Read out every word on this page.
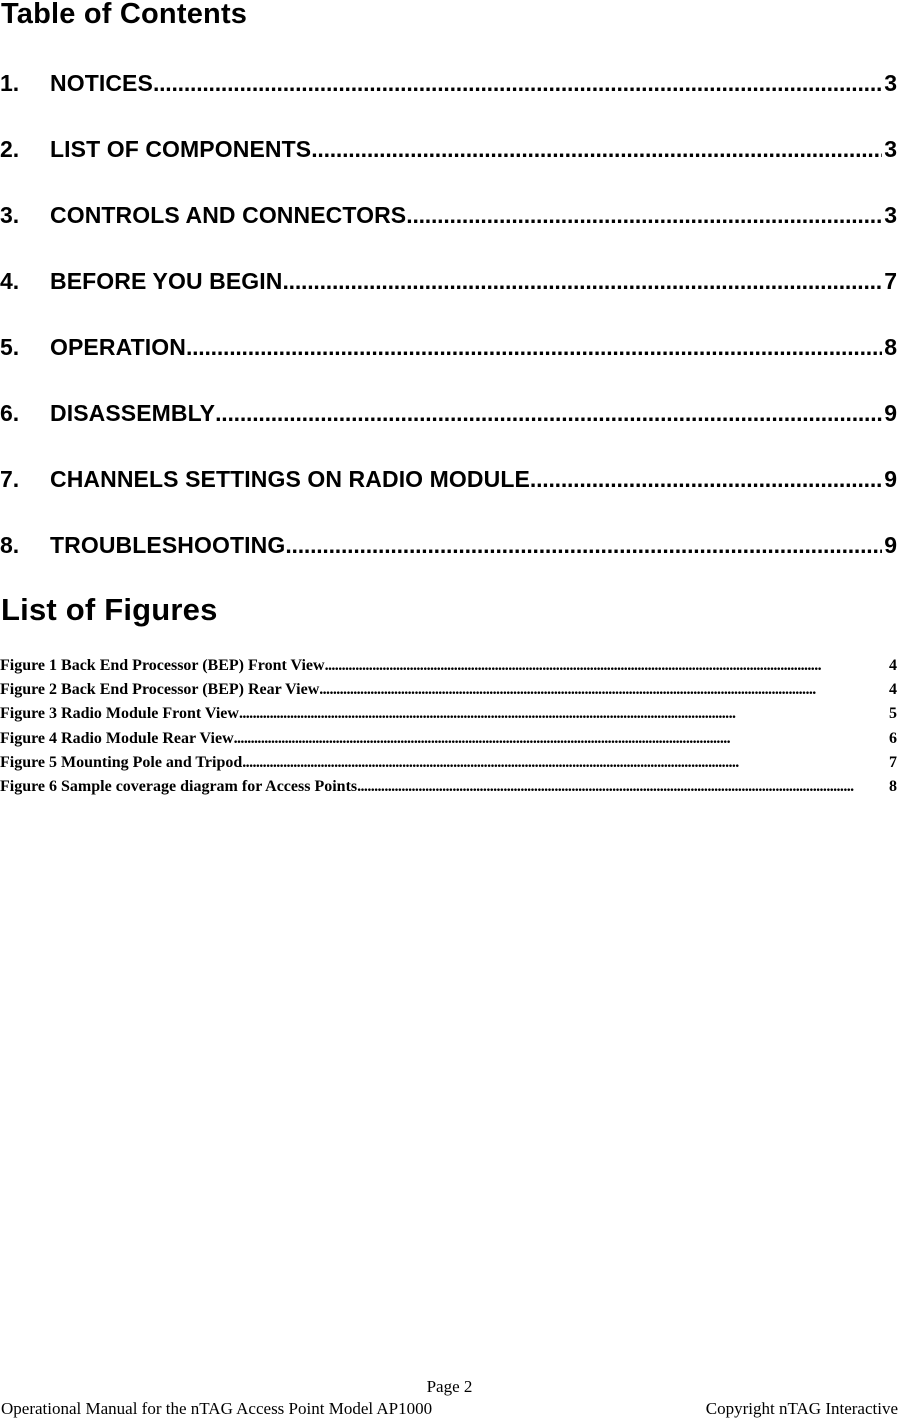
Table of Contents
1.	NOTICES . . .	3
2.	LIST OF COMPONENTS . . .	3
3.	CONTROLS AND CONNECTORS . . .	3
4.	BEFORE YOU BEGIN . . .	7
5.	OPERATION . . .	8
6.	DISASSEMBLY . . .	9
7.	CHANNELS SETTINGS ON RADIO MODULE . . .	9
8.	TROUBLESHOOTING . . .	9
List of Figures
Figure 1 Back End Processor (BEP) Front View . . .	4
Figure 2 Back End Processor (BEP) Rear View . . .	4
Figure 3 Radio Module Front View . . .	5
Figure 4 Radio Module Rear View . . .	6
Figure 5 Mounting Pole and Tripod . . .	7
Figure 6 Sample coverage diagram for Access Points . . .	8
Page 2
Operational Manual for the nTAG Access Point Model AP1000	Copyright nTAG Interactive
